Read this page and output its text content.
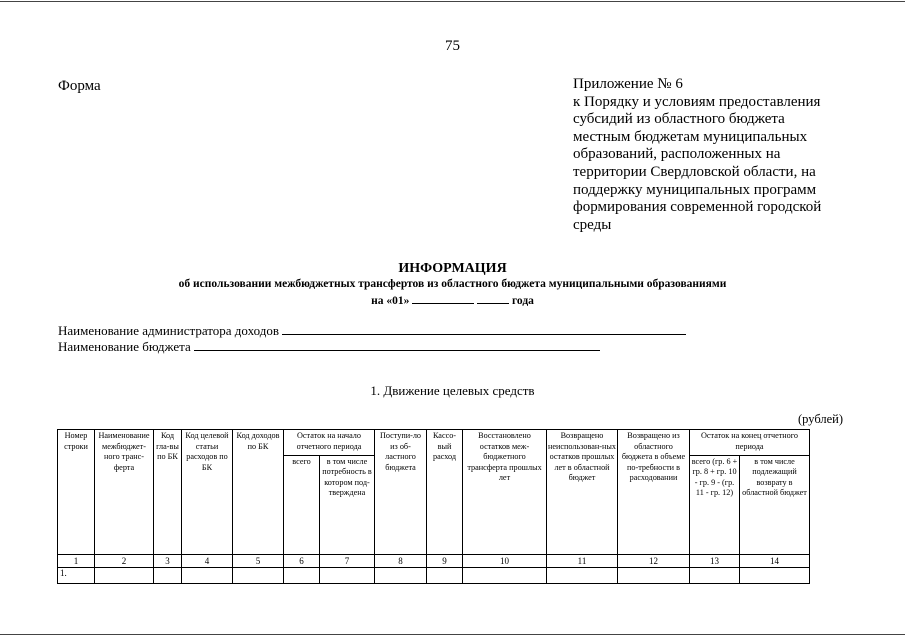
75
Форма	Приложение № 6
к Порядку и условиям предоставления
субсидий из областного бюджета
местным бюджетам муниципальных
образований, расположенных на
территории Свердловской области, на
поддержку муниципальных программ
формирования современной городской
среды
ИНФОРМАЦИЯ
об использовании межбюджетных трансфертов из областного бюджета муниципальными образованиями
на «01»	года
Наименование администратора доходов
Наименование бюджета
1. Движение целевых средств
(рублей)
Номер строки	Наименование межбюджет-ного транс-ферта	Код гла-вы по БК	Код целевой статьи расходов по БК	Код доходов по БК	Остаток на начало отчетного периода		Поступи-ло из об-ластного бюджета	Кассо-вый расход	Восстановлено остатков меж-бюджетного трансферта прошлых лет	Возвращено неиспользован-ных остатков прошлых лет в областной бюджет	Возвращено из областного бюджета в объеме по-требности в расходовании	Остаток на конец отчетного периода	
					всего	в том числе потребность в котором под-тверждена						всего (гр. 6 + гр. 8 + гр. 10 - гр. 9 - (гр. 11 - гр. 12)	в том числе подлежащий возврату в областной бюджет
1	2	3	4	5	6	7	8	9	10	11	12	13	14
1.													
